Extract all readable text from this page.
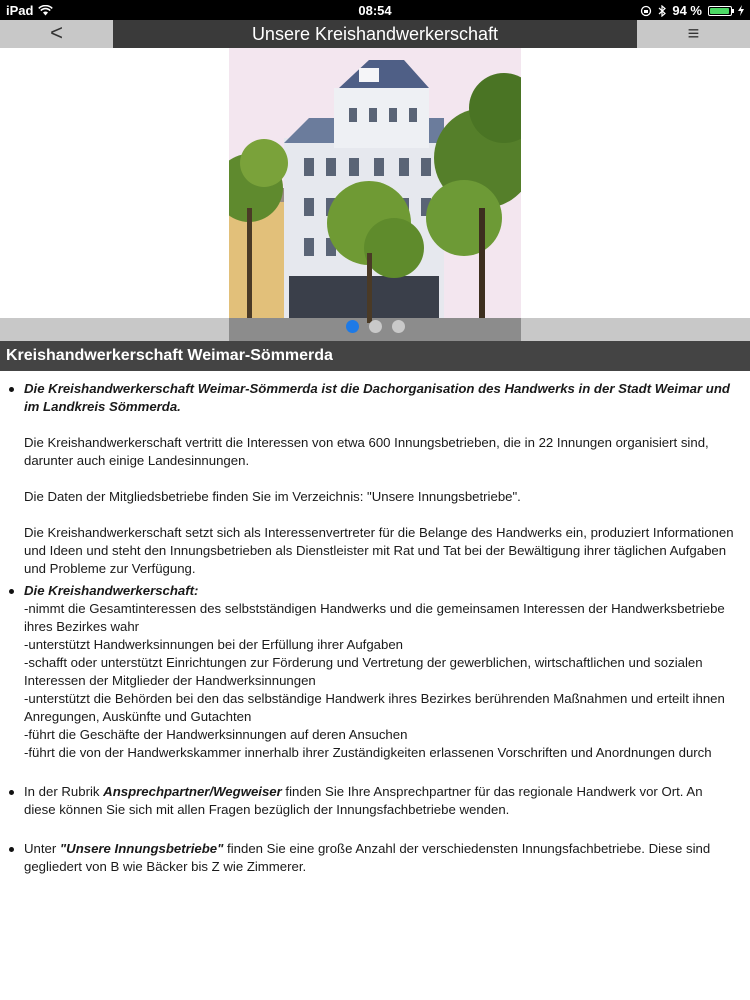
iPad	08:54	94 %
<	Unsere Kreishandwerkerschaft	≡
Kreishandwerkerschaft Weimar-Sömmerda

Die Kreishandwerkerschaft Weimar-Sömmerda ist die Dachorganisation des Handwerks in der Stadt Weimar und im Landkreis Sömmerda.

Die Kreishandwerkerschaft vertritt die Interessen von etwa 600 Innungsbetrieben, die in 22 Innungen organisiert sind, darunter auch einige Landesinnungen.

Die Daten der Mitgliedsbetriebe finden Sie im Verzeichnis: "Unsere Innungsbetriebe".

Die Kreishandwerkerschaft setzt sich als Interessenvertreter für die Belange des Handwerks ein, produziert Informationen und Ideen und steht den Innungsbetrieben als Dienstleister mit Rat und Tat bei der Bewältigung ihrer täglichen Aufgaben und Probleme zur Verfügung.

Die Kreishandwerkerschaft:

-nimmt die Gesamtinteressen des selbstständigen Handwerks und die gemeinsamen Interessen der Handwerksbetriebe ihres Bezirkes wahr

-unterstützt Handwerksinnungen bei der Erfüllung ihrer Aufgaben

-schafft oder unterstützt Einrichtungen zur Förderung und Vertretung der gewerblichen, wirtschaftlichen und sozialen Interessen der Mitglieder der Handwerksinnungen

-unterstützt die Behörden bei den das selbständige Handwerk ihres Bezirkes berührenden Maßnahmen und erteilt ihnen Anregungen, Auskünfte und Gutachten

-führt die Geschäfte der Handwerksinnungen auf deren Ansuchen

-führt die von der Handwerkskammer innerhalb ihrer Zuständigkeiten erlassenen Vorschriften und Anordnungen durch

In der Rubrik Ansprechpartner/Wegweiser finden Sie Ihre Ansprechpartner für das regionale Handwerk vor Ort. An diese können Sie sich mit allen Fragen bezüglich der Innungsfachbetriebe wenden.

Unter "Unsere Innungsbetriebe" finden Sie eine große Anzahl der verschiedensten Innungsfachbetriebe. Diese sind gegliedert von B wie Bäcker bis Z wie Zimmerer.
